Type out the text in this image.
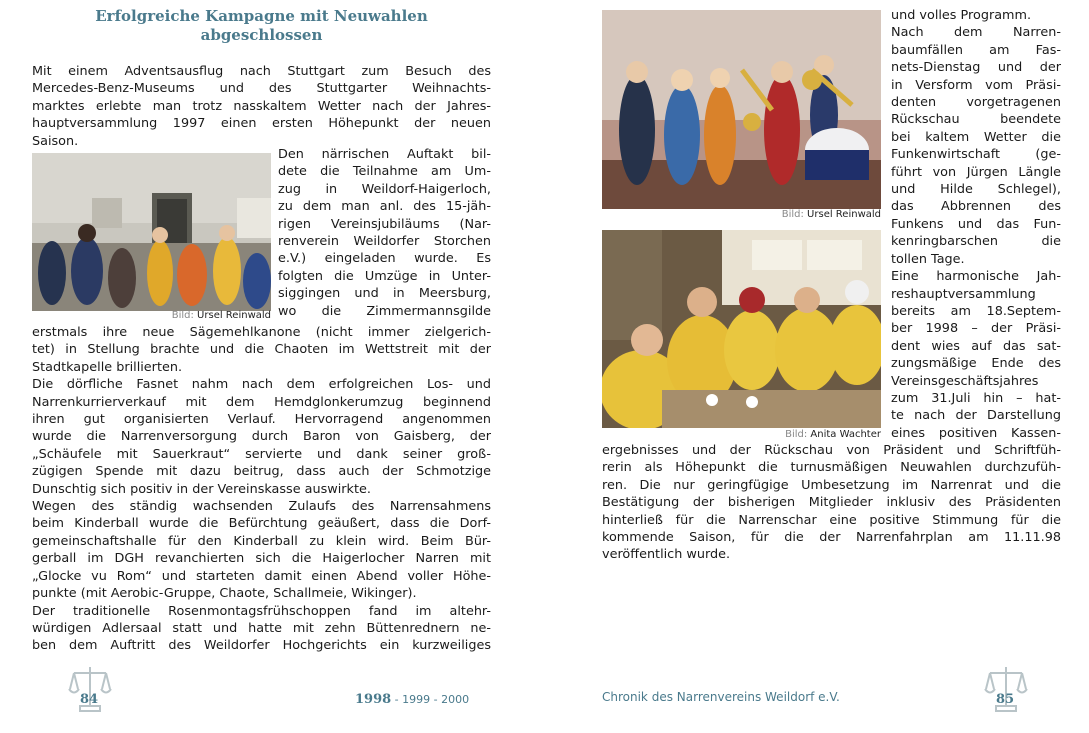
Erfolgreiche Kampagne mit Neuwahlen
abgeschlossen
Mit einem Adventsausflug nach Stuttgart zum Besuch des
Mercedes-Benz-Museums und des Stuttgarter Weihnachts-
marktes erlebte man trotz nasskaltem Wetter nach der Jahres-
hauptversammlung 1997 einen ersten Höhepunkt der neuen
Saison.
Bild: Ursel Reinwald
Den närrischen Auftakt bil-
dete die Teilnahme am Um-
zug in Weildorf-Haigerloch,
zu dem man anl. des 15-jäh-
rigen Vereinsjubiläums (Nar-
renverein Weildorfer Storchen
e.V.) eingeladen wurde. Es
folgten die Umzüge in Unter-
siggingen und in Meersburg,
wo die Zimmermannsgilde
erstmals ihre neue Sägemehlkanone (nicht immer zielgerich-
tet) in Stellung brachte und die Chaoten im Wettstreit mit der
Stadtkapelle brillierten.
Die dörfliche Fasnet nahm nach dem erfolgreichen Los- und
Narrenkurrierverkauf mit dem Hemdglonkerumzug beginnend
ihren gut organisierten Verlauf. Hervorragend angenommen
wurde die Narrenversorgung durch Baron von Gaisberg, der
„Schäufele mit Sauerkraut“ servierte und dank seiner groß-
zügigen Spende mit dazu beitrug, dass auch der Schmotzige
Dunschtig sich positiv in der Vereinskasse auswirkte.
Wegen des ständig wachsenden Zulaufs des Narrensahmens
beim Kinderball wurde die Befürchtung geäußert, dass die Dorf-
gemeinschaftshalle für den Kinderball zu klein wird. Beim Bür-
gerball im DGH revanchierten sich die Haigerlocher Narren mit
„Glocke vu Rom“ und starteten damit einen Abend voller Höhe-
punkte (mit Aerobic-Gruppe, Chaote, Schallmeie, Wikinger).
Der traditionelle Rosenmontagsfrühschoppen fand im altehr-
würdigen Adlersaal statt und hatte mit zehn Büttenrednern ne-
ben dem Auftritt des Weildorfer Hochgerichts ein kurzweiliges
84	1998 - 1999 - 2000
Bild: Ursel Reinwald
Bild: Anita Wachter
und volles Programm.
Nach dem Narren-
baumfällen am Fas-
nets-Dienstag und der
in Versform vom Präsi-
denten vorgetragenen
Rückschau beendete
bei kaltem Wetter die
Funkenwirtschaft (ge-
führt von Jürgen Längle
und Hilde Schlegel),
das Abbrennen des
Funkens und das Fun-
kenringbarschen die
tollen Tage.
Eine harmonische Jah-
reshauptversammlung
bereits am 18.Septem-
ber 1998 – der Präsi-
dent wies auf das sat-
zungsmäßige Ende des
Vereinsgeschäftsjahres
zum 31.Juli hin – hat-
te nach der Darstellung
eines positiven Kassen-
ergebnisses und der Rückschau von Präsident und Schriftfüh-
rerin als Höhepunkt die turnusmäßigen Neuwahlen durchzufüh-
ren. Die nur geringfügige Umbesetzung im Narrenrat und die
Bestätigung der bisherigen Mitglieder inklusiv des Präsidenten
hinterließ für die Narrenschar eine positive Stimmung für die
kommende Saison, für die der Narrenfahrplan am 11.11.98
veröffentlich wurde.
Chronik des Narrenvereins Weildorf e.V.	85
